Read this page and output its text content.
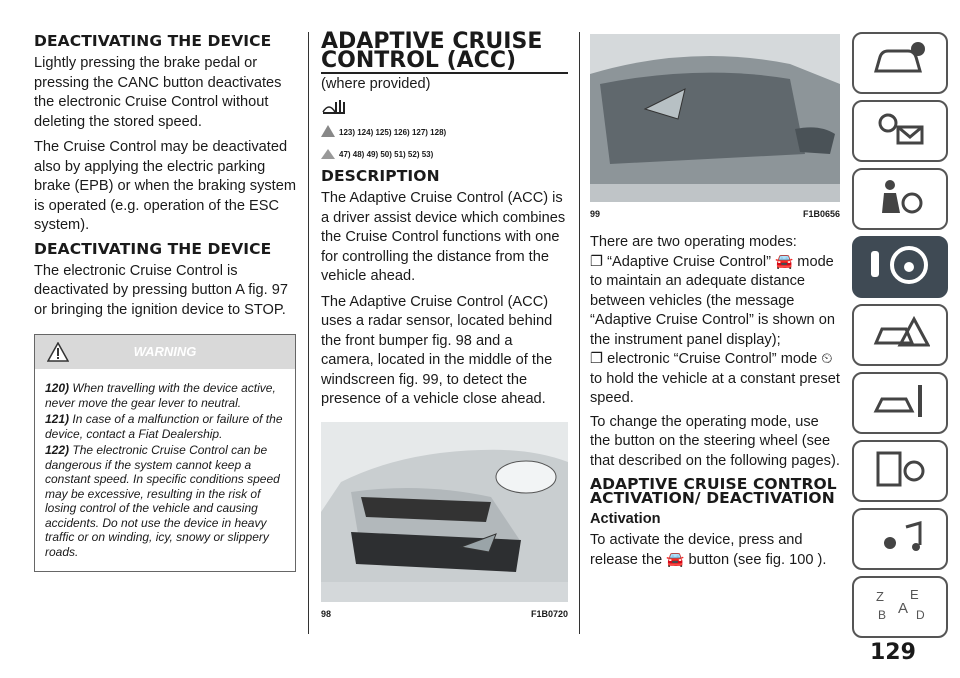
DEACTIVATING THE DEVICE

Lightly pressing the brake pedal or pressing the CANC button deactivates the electronic Cruise Control without deleting the stored speed.

The Cruise Control may be deactivated also by applying the electric parking brake (EPB) or when the braking system is operated (e.g. operation of the ESC system).

DEACTIVATING THE DEVICE

The electronic Cruise Control is deactivated by pressing button A fig. 97 or bringing the ignition device to STOP.

WARNING
120) When travelling with the device active, never move the gear lever to neutral.
121) In case of a malfunction or failure of the device, contact a Fiat Dealership.
122) The electronic Cruise Control can be dangerous if the system cannot keep a constant speed. In specific conditions speed may be excessive, resulting in the risk of losing control of the vehicle and causing accidents. Do not use the device in heavy traffic or on winding, icy, snowy or slippery roads.
ADAPTIVE CRUISE CONTROL (ACC)
(where provided)
123) 124) 125) 126) 127) 128)
47) 48) 49) 50) 51) 52) 53)
DESCRIPTION

The Adaptive Cruise Control (ACC) is a driver assist device which combines the Cruise Control functions with one for controlling the distance from the vehicle ahead.

The Adaptive Cruise Control (ACC) uses a radar sensor, located behind the front bumper fig. 98 and a camera, located in the middle of the windscreen fig. 99, to detect the presence of a vehicle close ahead.

98	F1B0720
99	F1B0656
There are two operating modes:
❐ “Adaptive Cruise Control” 🚘 mode to maintain an adequate distance between vehicles (the message “Adaptive Cruise Control” is shown on the instrument panel display);
❐ electronic “Cruise Control” mode ⏲ to hold the vehicle at a constant preset speed.

To change the operating mode, use the button on the steering wheel (see that described on the following pages).

ADAPTIVE CRUISE CONTROL ACTIVATION/ DEACTIVATION
Activation

To activate the device, press and release the 🚘 button (see fig. 100 ).

Z E
A
B D
129
